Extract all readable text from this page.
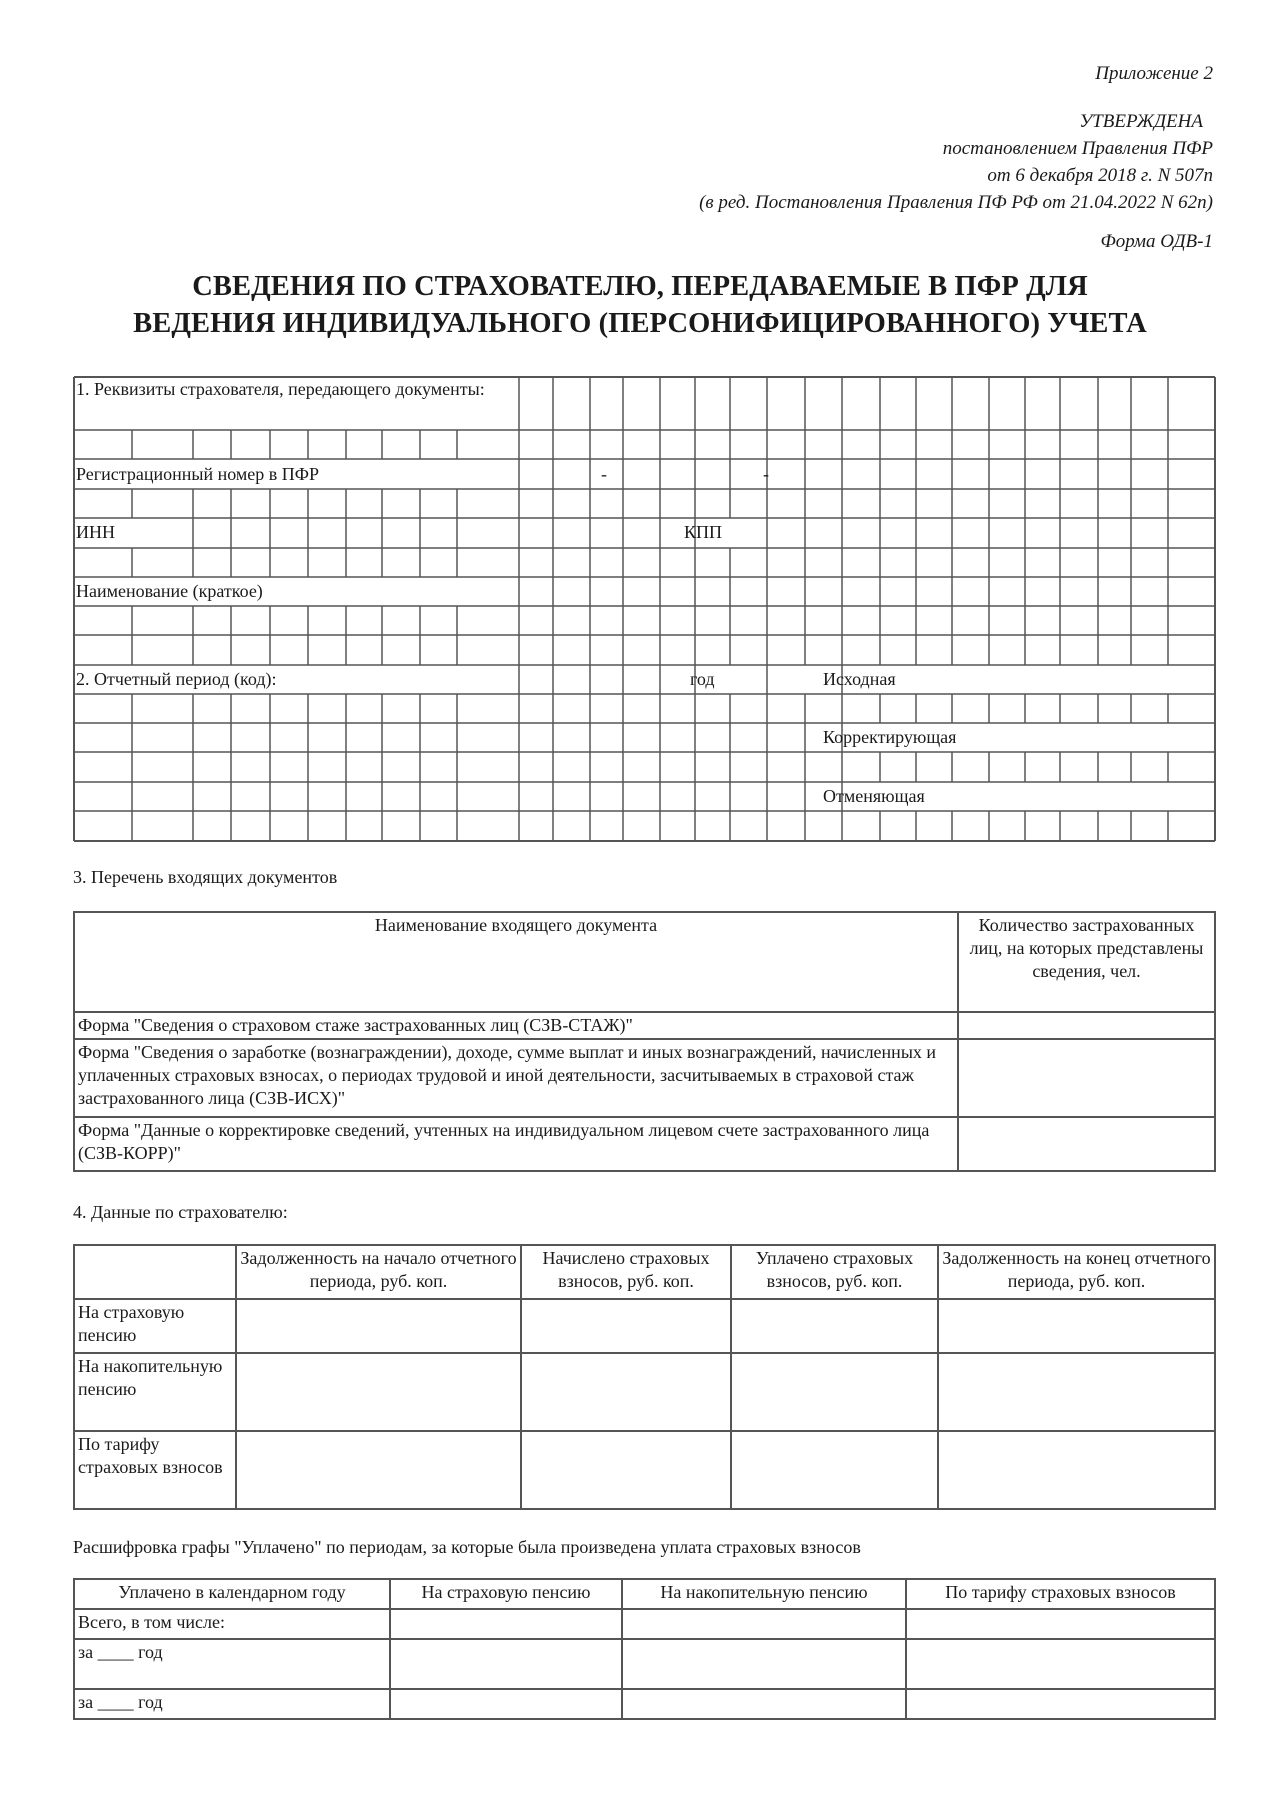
Приложение 2
УТВЕРЖДЕНА
постановлением Правления ПФР
от 6 декабря 2018 г. N 507п
(в ред. Постановления Правления ПФ РФ от 21.04.2022 N 62п)
Форма ОДВ-1
СВЕДЕНИЯ ПО СТРАХОВАТЕЛЮ, ПЕРЕДАВАЕМЫЕ В ПФР ДЛЯ
ВЕДЕНИЯ ИНДИВИДУАЛЬНОГО (ПЕРСОНИФИЦИРОВАННОГО) УЧЕТА
1. Реквизиты страхователя, передающего документы:
Регистрационный номер в ПФР	-	-
ИНН	КПП
Наименование (краткое)
2. Отчетный период (код):	год	Исходная
Корректирующая
Отменяющая
3. Перечень входящих документов
Наименование входящего документа	Количество застрахованных лиц, на которых представлены сведения, чел.
Форма "Сведения о страховом стаже застрахованных лиц (СЗВ-СТАЖ)"	
Форма "Сведения о заработке (вознаграждении), доходе, сумме выплат и иных вознаграждений, начисленных и уплаченных страховых взносах, о периодах трудовой и иной деятельности, засчитываемых в страховой стаж застрахованного лица (СЗВ-ИСХ)"	
Форма "Данные о корректировке сведений, учтенных на индивидуальном лицевом счете застрахованного лица (СЗВ-КОРР)"	
4. Данные по страхователю:
	Задолженность на начало отчетного периода, руб. коп.	Начислено страховых взносов, руб. коп.	Уплачено страховых взносов, руб. коп.	Задолженность на конец отчетного периода, руб. коп.
На страховую пенсию				
На накопительную пенсию				
По тарифу страховых взносов				
Расшифровка графы "Уплачено" по периодам, за которые была произведена уплата страховых взносов
Уплачено в календарном году	На страховую пенсию	На накопительную пенсию	По тарифу страховых взносов
Всего, в том числе:			
за ____ год			
за ____ год			
